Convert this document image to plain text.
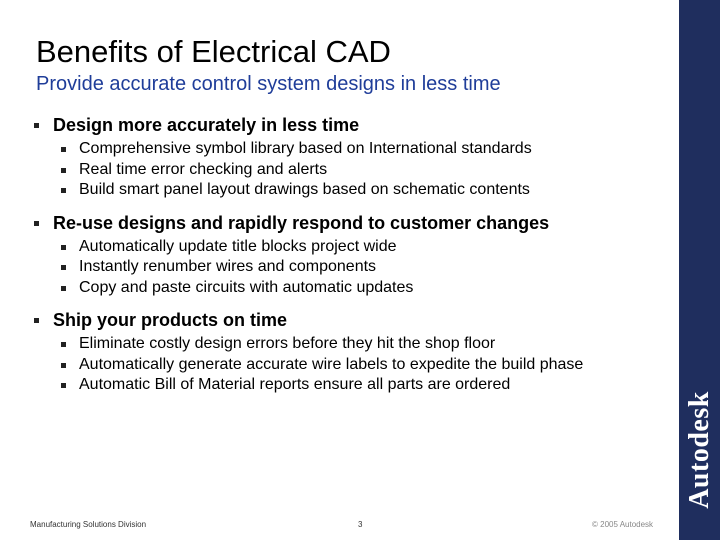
Autodesk
Benefits of Electrical CAD
Provide accurate control system designs in less time
Design more accurately in less time
Comprehensive symbol library based on International standards
Real time error checking and alerts
Build smart panel layout drawings based on schematic contents
Re-use designs and rapidly respond to customer changes
Automatically update title blocks project wide
Instantly renumber wires and components
Copy and paste circuits with automatic updates
Ship your products on time
Eliminate costly design errors before they hit the shop floor
Automatically generate accurate wire labels to expedite the build phase
Automatic Bill of Material reports ensure all parts are ordered
Manufacturing Solutions Division	3	© 2005 Autodesk
